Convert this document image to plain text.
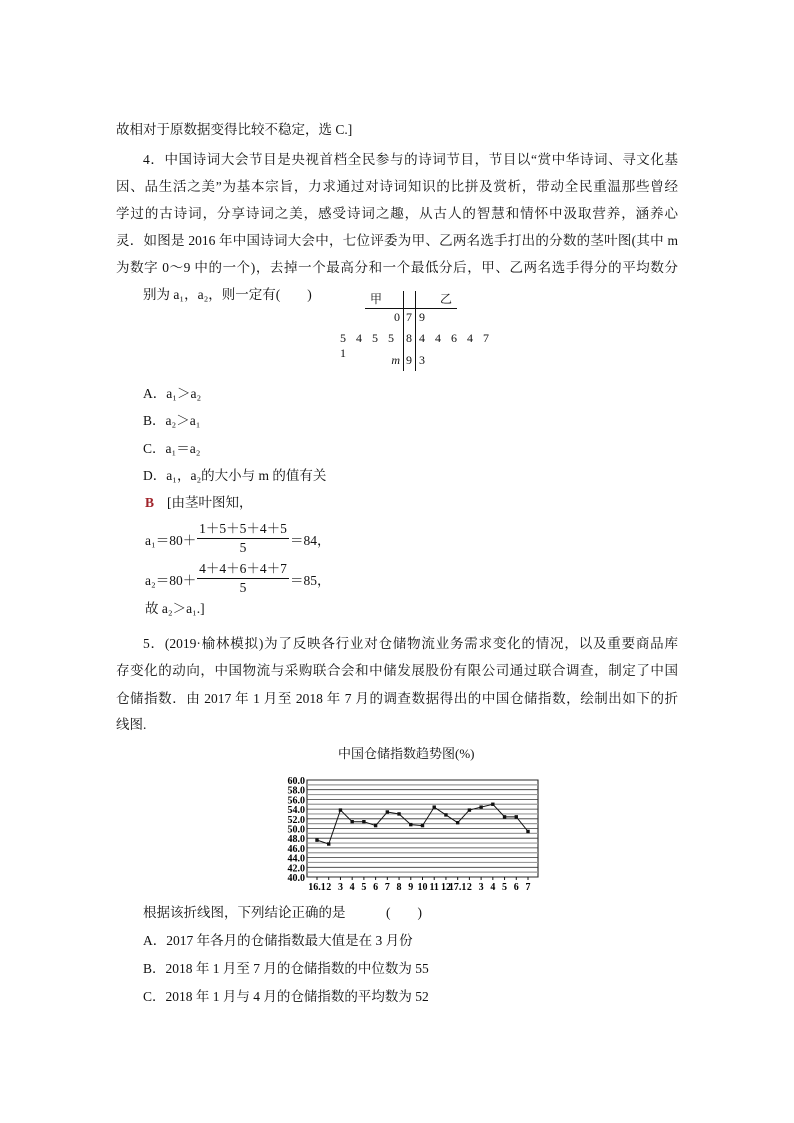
故相对于原数据变得比较不稳定，选 C.]
4．中国诗词大会节目是央视首档全民参与的诗词节目，节目以“赏中华诗词、寻文化基
因、品生活之美”为基本宗旨，力求通过对诗词知识的比拼及赏析，带动全民重温那些曾经
学过的古诗词，分享诗词之美，感受诗词之趣，从古人的智慧和情怀中汲取营养，涵养心
灵．如图是 2016 年中国诗词大会中，七位评委为甲、乙两名选手打出的分数的茎叶图(其中 m
为数字 0～9 中的一个)，去掉一个最高分和一个最低分后，甲、乙两名选手得分的平均数分
别为 a₁，a₂，则一定有(　　)	甲	乙
0 7 9
5 4 5 5 1
8 4 4 6 4 7
m 9 3
A．a₁＞a₂
B．a₂＞a₁
C．a₁＝a₂
D．a₁，a₂的大小与 m 的值有关
B [由茎叶图知，
$a_1=80+ \frac{1+5+5+4+5}{5} =84$，
$a_2=80+ \frac{4+4+6+4+7}{5} =85$，
故 a₂＞a₁.]
5．(2019·榆林模拟)为了反映各行业对仓储物流业务需求变化的情况，以及重要商品库
存变化的动向，中国物流与采购联合会和中储发展股份有限公司通过联合调查，制定了中国
仓储指数．由 2017 年 1 月至 2018 年 7 月的调查数据得出的中国仓储指数，绘制出如下的折
线图.
中国仓储指数趋势图(%)
40.0
42.0
44.0
46.0
48.0
50.0
52.0
54.0
56.0
58.0
60.0
16.1 2 3 4 5 6 7 8 9 10 11 12
17.1 2 3 4 5 6 7
根据该折线图，下列结论正确的是　　　(　　)
A．2017 年各月的仓储指数最大值是在 3 月份
B．2018 年 1 月至 7 月的仓储指数的中位数为 55
C．2018 年 1 月与 4 月的仓储指数的平均数为 52
